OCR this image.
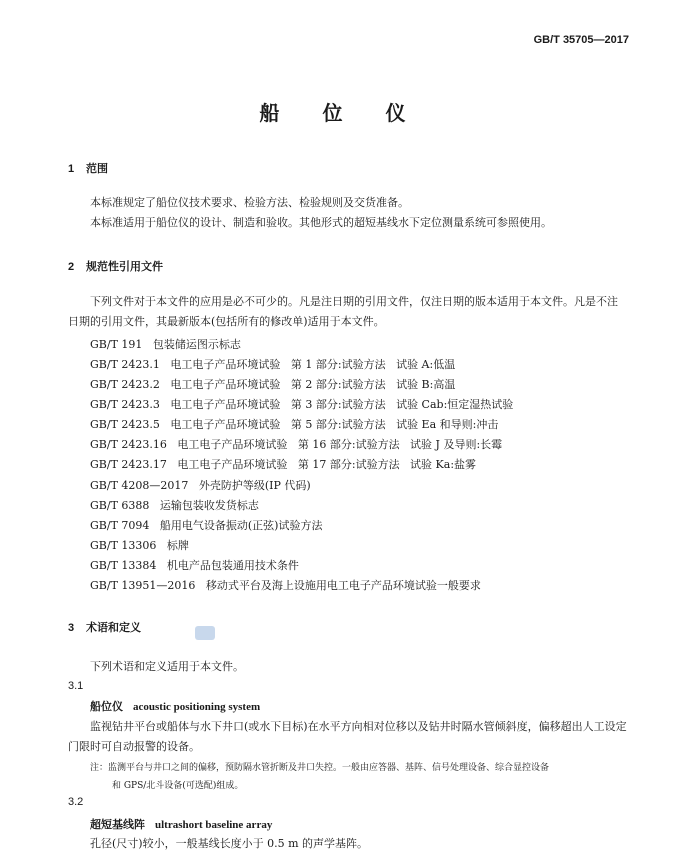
GB/T 35705—2017
船 位 仪
1 范围
本标准规定了船位仪技术要求、检验方法、检验规则及交货准备。
本标准适用于船位仪的设计、制造和验收。其他形式的超短基线水下定位测量系统可参照使用。
2 规范性引用文件
下列文件对于本文件的应用是必不可少的。凡是注日期的引用文件，仅注日期的版本适用于本文件。凡是不注日期的引用文件，其最新版本(包括所有的修改单)适用于本文件。
GB/T 191   包装储运图示标志
GB/T 2423.1   电工电子产品环境试验   第 1 部分:试验方法   试验 A:低温
GB/T 2423.2   电工电子产品环境试验   第 2 部分:试验方法   试验 B:高温
GB/T 2423.3   电工电子产品环境试验   第 3 部分:试验方法   试验 Cab:恒定湿热试验
GB/T 2423.5   电工电子产品环境试验   第 5 部分:试验方法   试验 Ea 和导则:冲击
GB/T 2423.16   电工电子产品环境试验   第 16 部分:试验方法   试验 J 及导则:长霉
GB/T 2423.17   电工电子产品环境试验   第 17 部分:试验方法   试验 Ka:盐雾
GB/T 4208—2017   外壳防护等级(IP 代码)
GB/T 6388   运输包装收发货标志
GB/T 7094   船用电气设备振动(正弦)试验方法
GB/T 13306   标牌
GB/T 13384   机电产品包装通用技术条件
GB/T 13951—2016   移动式平台及海上设施用电工电子产品环境试验一般要求
3 术语和定义
下列术语和定义适用于本文件。
3.1
船位仪 acoustic positioning system
监视钻井平台或船体与水下井口(或水下目标)在水平方向相对位移以及钻井时隔水管倾斜度，偏移超出人工设定门限时可自动报警的设备。
注：监测平台与井口之间的偏移，预防隔水管折断及井口失控。一般由应答器、基阵、信号处理设备、综合显控设备
和 GPS/北斗设备(可选配)组成。
3.2
超短基线阵 ultrashort baseline array
孔径(尺寸)较小，一般基线长度小于 0.5 m 的声学基阵。
